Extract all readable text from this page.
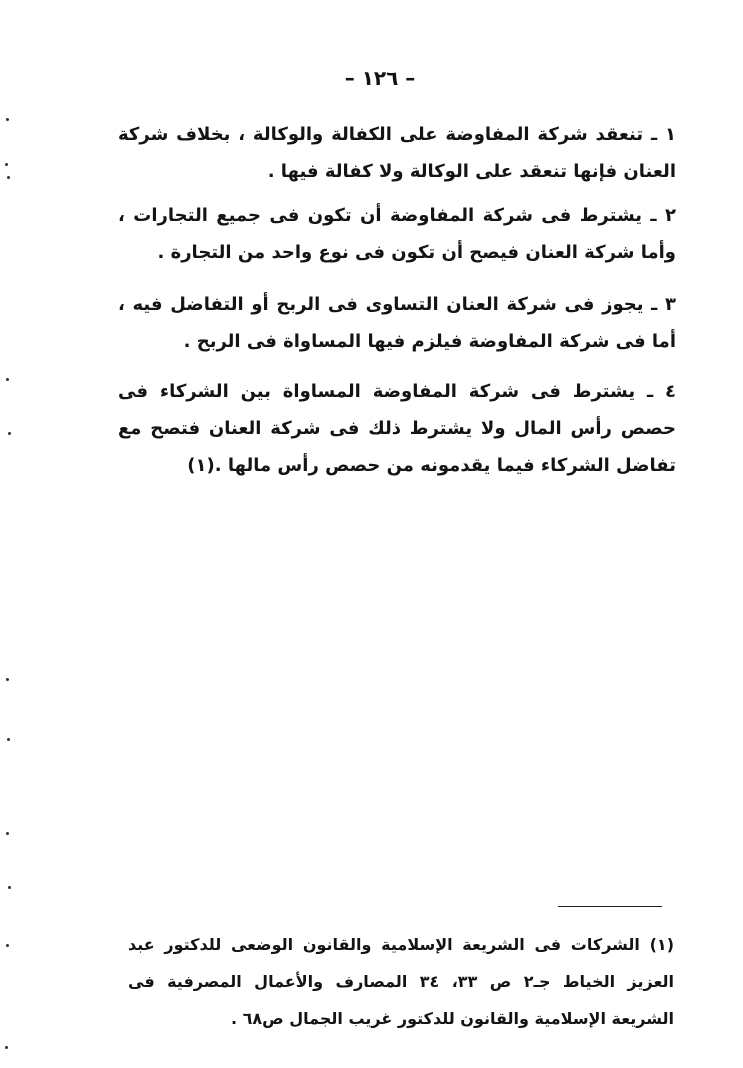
– ١٢٦ –

١ ـ تنعقد شركة المفاوضة على الكفالة والوكالة ، بخلاف شركة العنان فإنها تنعقد على الوكالة ولا كفالة فيها .

٢ ـ يشترط فى شركة المفاوضة أن تكون فى جميع التجارات ، وأما شركة العنان فيصح أن تكون فى نوع واحد من التجارة .

٣ ـ يجوز فى شركة العنان التساوى فى الربح أو التفاضل فيه ، أما فى شركة المفاوضة فيلزم فيها المساواة فى الربح .

٤ ـ يشترط فى شركة المفاوضة المساواة بين الشركاء فى حصص رأس المال ولا يشترط ذلك فى شركة العنان فتصح مع تفاضل الشركاء فيما يقدمونه من حصص رأس مالها .(١)

(١) الشركات فى الشريعة الإسلامية والقانون الوضعى للدكتور عبد العزيز الخياط جـ٢ ص ٣٣، ٣٤ المصارف والأعمال المصرفية فى الشريعة الإسلامية والقانون للدكتور غريب الجمال ص٦٨ .
